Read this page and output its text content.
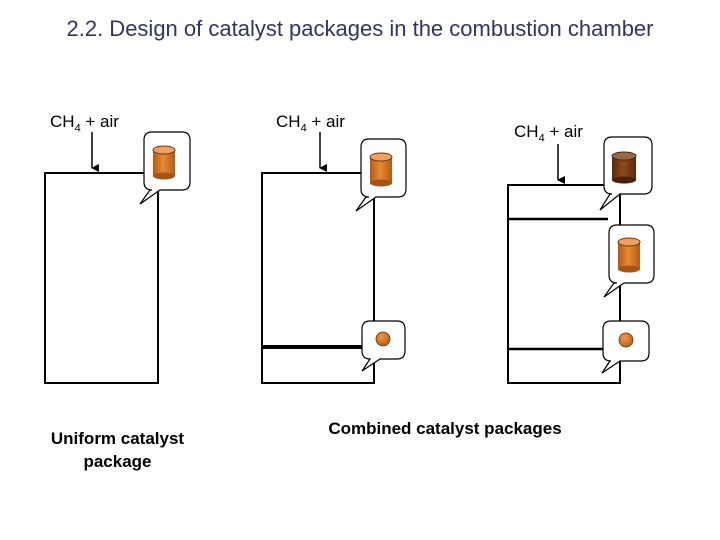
2.2. Design of catalyst packages in the combustion chamber
$CH_4$ + air	$CH_4$ + air
$CH_4$ + air
Uniform catalyst package
Combined catalyst packages
